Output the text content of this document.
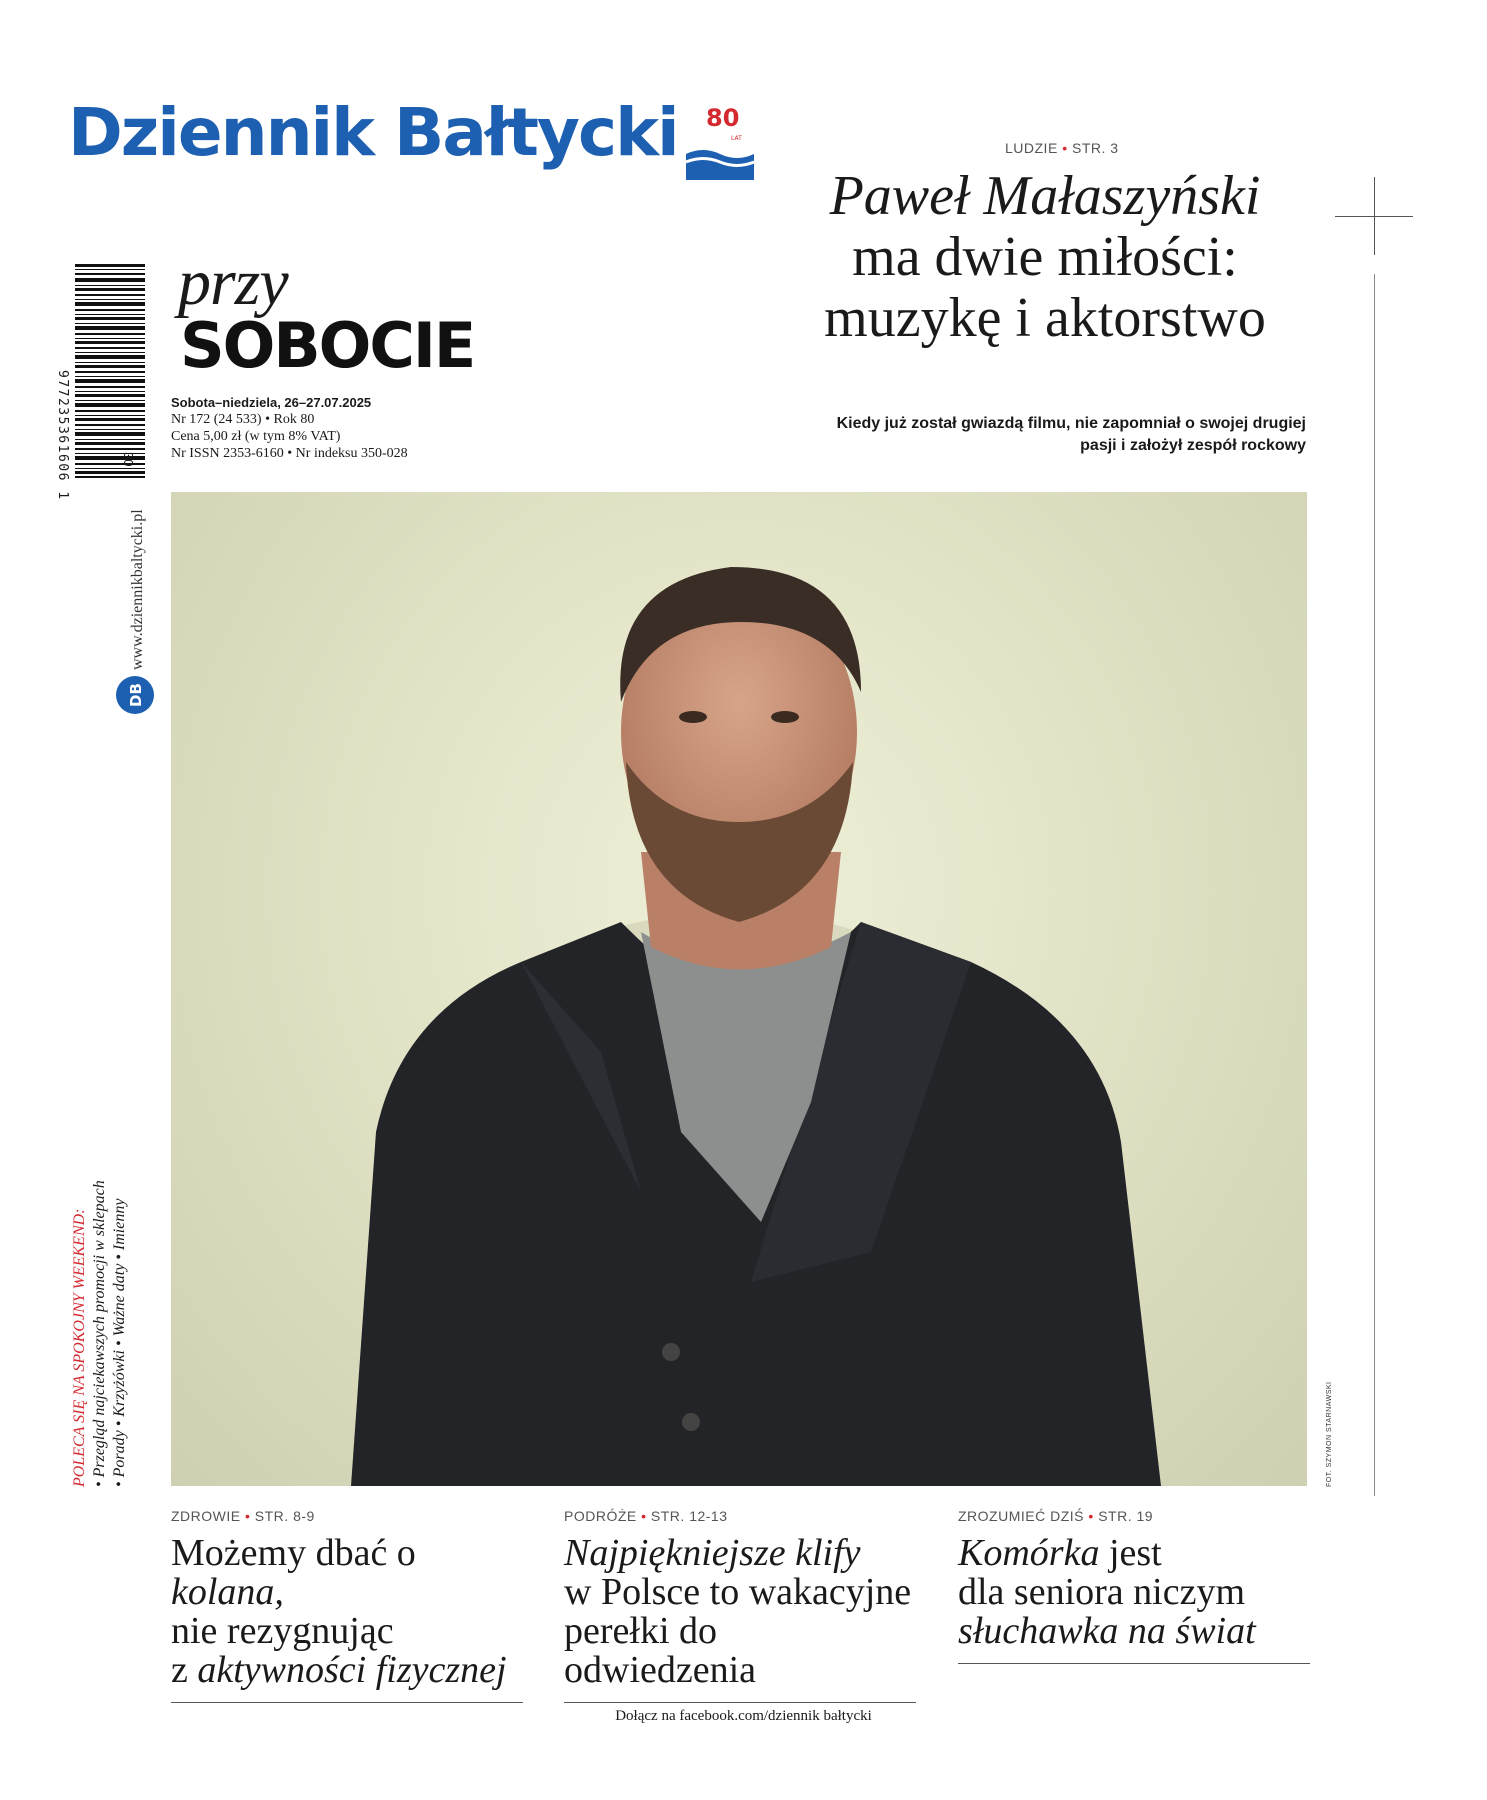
Dziennik Bałtycki 80
LAT
977235361606 1	30
przy
SOBOCIE
Sobota–niedziela, 26–27.07.2025
Nr 172 (24 533) • Rok 80
Cena 5,00 zł (w tym 8% VAT)
Nr ISSN 2353-6160 • Nr indeksu 350-028
LUDZIE • STR. 3
Paweł Małaszyński
ma dwie miłości:
muzykę i aktorstwo
Kiedy już został gwiazdą filmu, nie zapomniał o swojej drugiej
pasji i założył zespół rockowy
FOT. SZYMON STARNAWSKI
www.dziennikbaltycki.pl
DB
POLECA SIĘ NA SPOKOJNY WEEKEND: • Przegląd najciekawszych promocji w sklepach • Porady • Krzyżówki • Ważne daty • Imienny
ZDROWIE • STR. 8-9
Możemy dbać o kolana,
nie rezygnując
z aktywności fizycznej
PODRÓŻE • STR. 12-13
Najpiękniejsze klify
w Polsce to wakacyjne
perełki do odwiedzenia
ZROZUMIEĆ DZIŚ • STR. 19
Komórka jest
dla seniora niczym
słuchawka na świat
Dołącz na facebook.com/dziennik bałtycki
